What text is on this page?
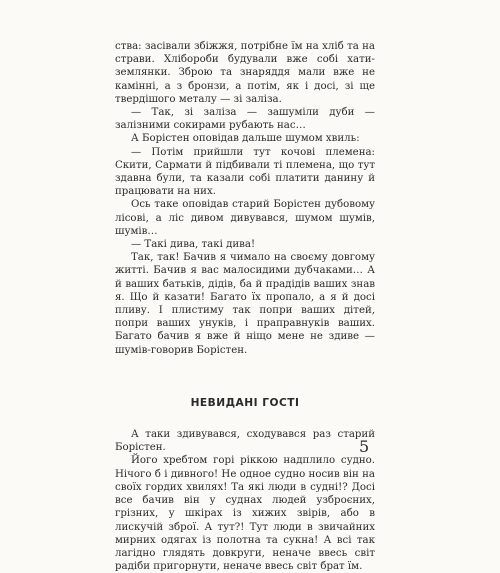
ства: засівали збіжжя, потрібне їм на хліб та на страви. Хлібороби будували вже собі хати-землянки. Зброю та знаряддя мали вже не камінні, а з бронзи, а потім, як і досі, зі ще твердішого металу — зі заліза.

— Так, зі заліза — зашуміли дуби — залізними сокирами рубають нас…

А Борістен оповідав дальше шумом хвиль:

— Потім прийшли тут кочові племена: Скити, Сармати й підбивали ті племена, що тут здавна були, та казали собі платити данину й працювати на них.

Ось таке оповідав старий Борістен дубовому лісові, а ліс дивом дивувався, шумом шумів, шумів…

— Такі дива, такі дива!

Так, так! Бачив я чимало на своєму довгому житті. Бачив я вас малосидими дубчаками… А й ваших батьків, дідів, ба й прадідів ваших знав я. Що й казати! Багато їх пропало, а я й досі пливу. І плистиму так попри ваших дітей, попри ваших унуків, і праправнуків ваших. Багато бачив я вже й ніщо мене не здиве — шумів-говорив Борістен.

НЕВИДАНІ ГОСТІ

А таки здивувався, сходувався раз старий Борістен.

Його хребтом горі ріккою надплило судно. Нічого б і дивного! Не одное судно носив він на своїх гордих хвилях! Та які люди в судні!? Досі все бачив він у суднах людей узброєних, грізних, у шкірах із хижих звірів, або в лискучій зброї. А тут?! Тут люди в звичайних мирних одягах із полотна та сукна! А всі так лагідно глядять довкруги, неначе ввесь світ радіби пригорнути, неначе ввесь світ брат їм.

5
